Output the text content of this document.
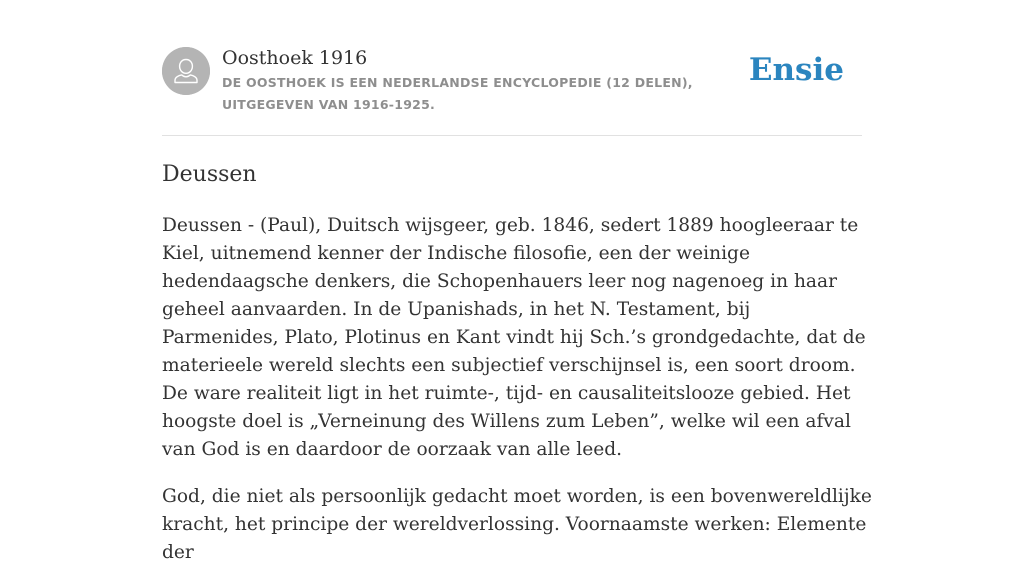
Oosthoek 1916
DE OOSTHOEK IS EEN NEDERLANDSE ENCYCLOPEDIE (12 DELEN), UITGEGEVEN VAN 1916-1925.
Ensie
Deussen

Deussen - (Paul), Duitsch wijsgeer, geb. 1846, sedert 1889 hoogleeraar te Kiel, uitnemend kenner der Indische filosofie, een der weinige hedendaagsche denkers, die Schopenhauers leer nog nagenoeg in haar geheel aanvaarden. In de Upanishads, in het N. Testament, bij Parmenides, Plato, Plotinus en Kant vindt hij Sch.’s grondgedachte, dat de materieele wereld slechts een subjectief verschijnsel is, een soort droom. De ware realiteit ligt in het ruimte-, tijd- en causaliteitslooze gebied. Het hoogste doel is „Verneinung des Willens zum Leben”, welke wil een afval van God is en daardoor de oorzaak van alle leed.

God, die niet als persoonlijk gedacht moet worden, is een bovenwereldlijke kracht, het principe der wereldverlossing. Voornaamste werken: Elemente der
